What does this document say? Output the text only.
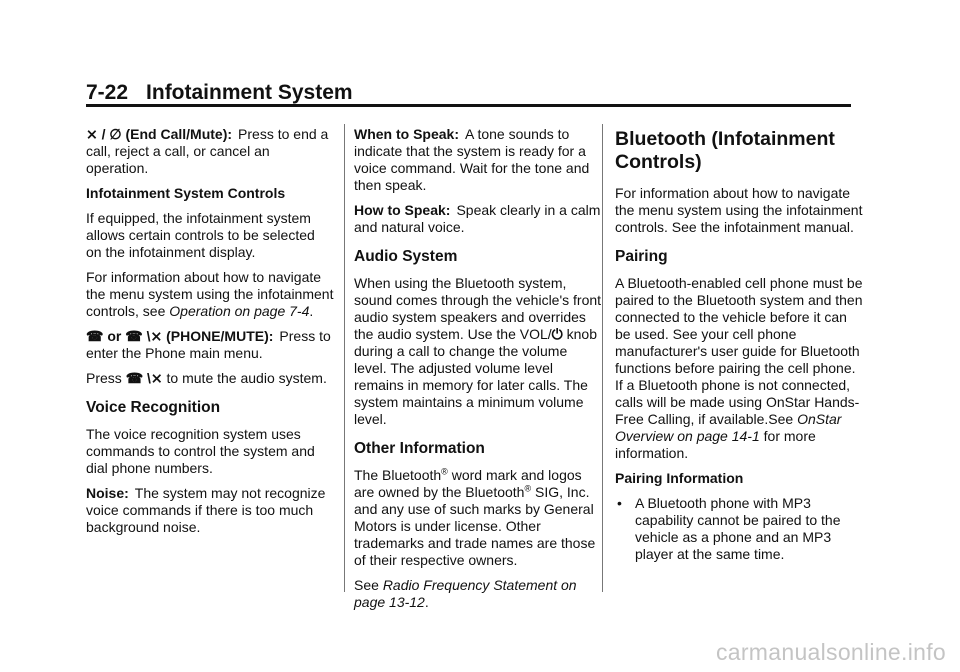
7-22 Infotainment System

⨯ / ∅ (End Call/Mute): Press to end a call, reject a call, or cancel an operation.

Infotainment System Controls

If equipped, the infotainment system allows certain controls to be selected on the infotainment display.

For information about how to navigate the menu system using the infotainment controls, see Operation on page 7-4.

☎ or ☎ \⨯ (PHONE/MUTE): Press to enter the Phone main menu.

Press ☎ \⨯ to mute the audio system.

Voice Recognition

The voice recognition system uses commands to control the system and dial phone numbers.

Noise: The system may not recognize voice commands if there is too much background noise.

When to Speak: A tone sounds to indicate that the system is ready for a voice command. Wait for the tone and then speak.

How to Speak: Speak clearly in a calm and natural voice.

Audio System

When using the Bluetooth system, sound comes through the vehicle's front audio system speakers and overrides the audio system. Use the VOL/⏻ knob during a call to change the volume level. The adjusted volume level remains in memory for later calls. The system maintains a minimum volume level.

Other Information

The Bluetooth® word mark and logos are owned by the Bluetooth® SIG, Inc. and any use of such marks by General Motors is under license. Other trademarks and trade names are those of their respective owners.

See Radio Frequency Statement on page 13-12.

Bluetooth (Infotainment Controls)

For information about how to navigate the menu system using the infotainment controls. See the infotainment manual.

Pairing

A Bluetooth-enabled cell phone must be paired to the Bluetooth system and then connected to the vehicle before it can be used. See your cell phone manufacturer's user guide for Bluetooth functions before pairing the cell phone. If a Bluetooth phone is not connected, calls will be made using OnStar Hands-Free Calling, if available.See OnStar Overview on page 14-1 for more information.

Pairing Information

• A Bluetooth phone with MP3 capability cannot be paired to the vehicle as a phone and an MP3 player at the same time.
carmanualsonline.info
